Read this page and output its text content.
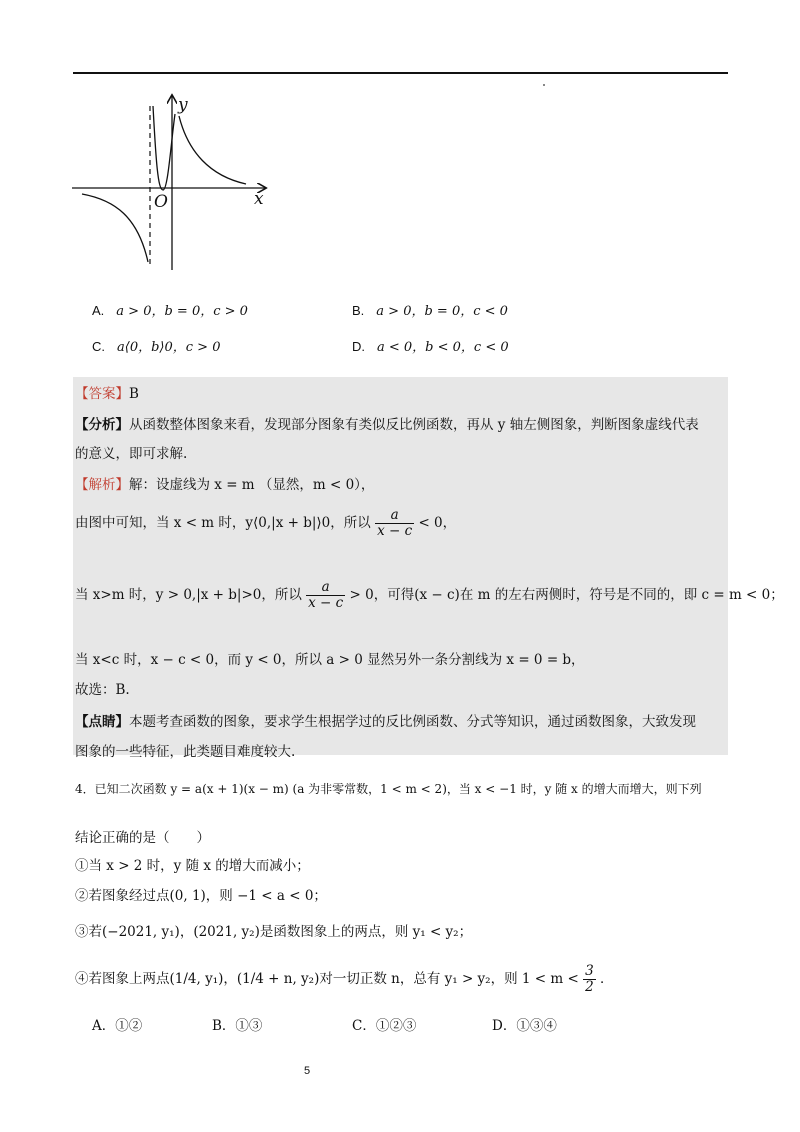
y
x
O
A. a > 0，b = 0，c > 0	B. a > 0，b = 0，c < 0
C. a⟨0，b⟩0，c > 0	D. a < 0，b < 0，c < 0
【答案】B
【分析】从函数整体图象来看，发现部分图象有类似反比例函数，再从 y 轴左侧图象，判断图象虚线代表
的意义，即可求解.
【解析】解：设虚线为 x = m （显然，m < 0），
由图中可知，当 x < m 时，y⟨0,|x + b|⟩0，所以 $\frac{a}{x - c} < 0$，
当 x>m 时，y > 0,|x + b|>0，所以 $\frac{a}{x - c} > 0$，可得(x − c)在 m 的左右两侧时，符号是不同的，即 c = m < 0；
当 x<c 时，x − c < 0，而 y < 0，所以 a > 0 显然另外一条分割线为 x = 0 = b，
故选：B.
【点睛】本题考查函数的图象，要求学生根据学过的反比例函数、分式等知识，通过函数图象，大致发现
图象的一些特征，此类题目难度较大.
4．已知二次函数 y = a(x + 1)(x − m) (a 为非零常数，1 < m < 2)，当 x < −1 时，y 随 x 的增大而增大，则下列
结论正确的是（　　）
①当 x > 2 时，y 随 x 的增大而减小；
②若图象经过点(0, 1)，则 −1 < a < 0；
③若(−2021, y₁)，(2021, y₂)是函数图象上的两点，则 y₁ < y₂；
④若图象上两点(1/4, y₁)，(1/4 + n, y₂)对一切正数 n，总有 y₁ > y₂，则 $1 < m < \frac{3}{2}$ ．
A．①②	B．①③	C．①②③	D．①③④
5
